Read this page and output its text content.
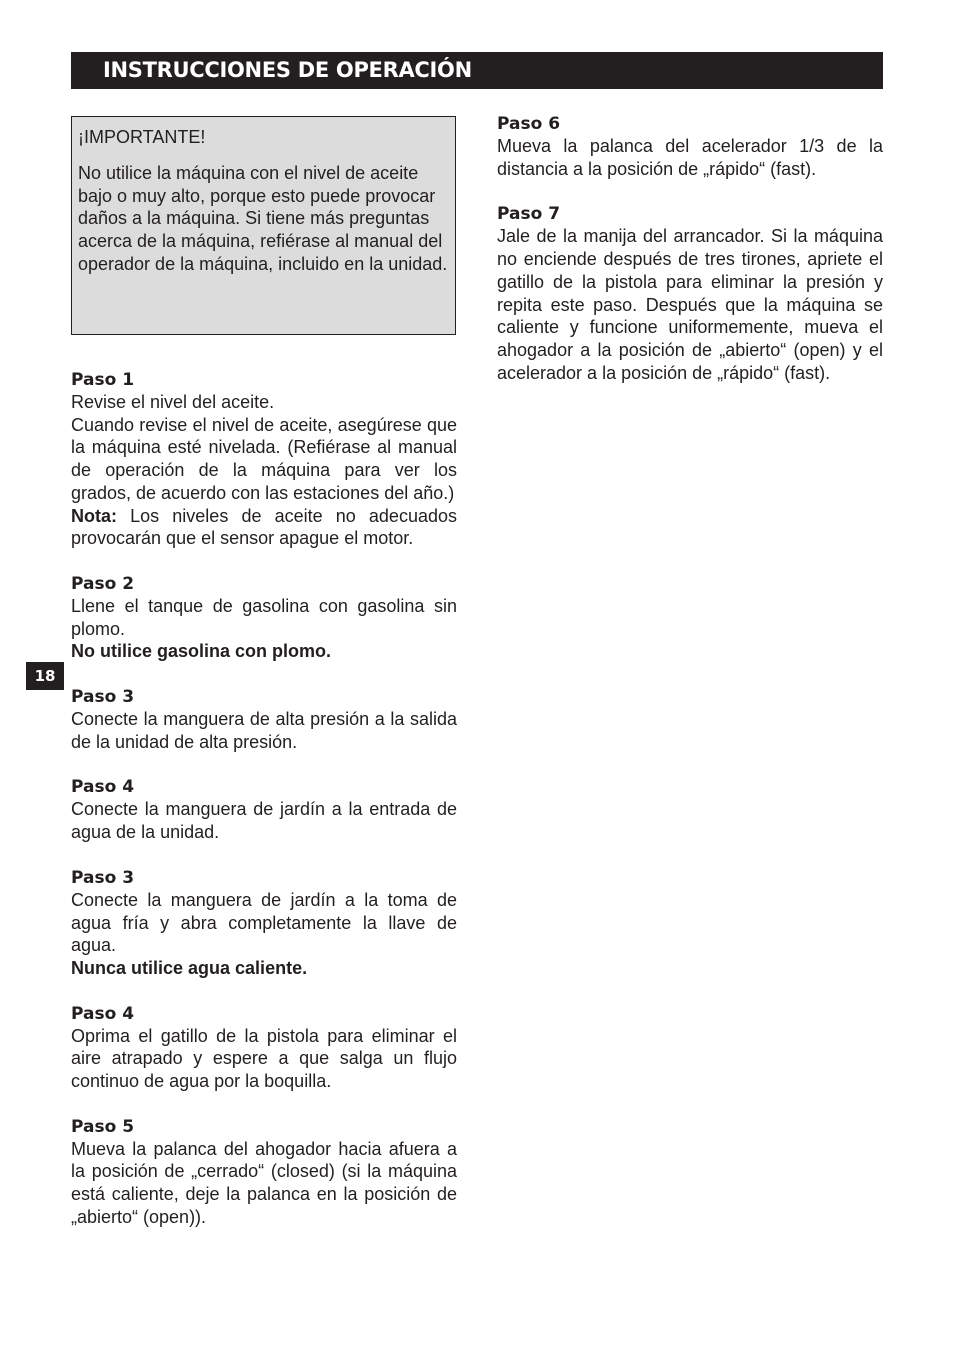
INSTRUCCIONES DE OPERACIÓN
18

¡IMPORTANTE!

No utilice la máquina con el nivel de aceite bajo o muy alto, porque esto puede provocar daños a la máquina. Si tiene más preguntas acerca de la máquina, refiérase al manual del operador de la máquina, incluido en la unidad.

Paso 1

Revise el nivel del aceite.

Cuando revise el nivel de aceite, asegúrese que la máquina esté nivelada. (Refiérase al manual de operación de la máquina para ver los grados, de acuerdo con las estaciones del año.)

Nota: Los niveles de aceite no adecuados provocarán que el sensor apague el motor.

Paso 2

Llene el tanque de gasolina con gasolina sin plomo.

No utilice gasolina con plomo.

Paso 3

Conecte la manguera de alta presión a la salida de la unidad de alta presión.

Paso 4

Conecte la manguera de jardín a la entrada de agua de la unidad.

Paso 3

Conecte la manguera de jardín a la toma de agua fría y abra completamente la llave de agua.

Nunca utilice agua caliente.

Paso 4

Oprima el gatillo de la pistola para eliminar el aire atrapado y espere a que salga un flujo continuo de agua por la boquilla.

Paso 5

Mueva la palanca del ahogador hacia afuera a la posición de „cerrado“ (closed) (si la máquina está caliente, deje la palanca en la posición de „abierto“ (open)).

Paso 6

Mueva la palanca del acelerador 1/3 de la distancia a la posición de „rápido“ (fast).

Paso 7

Jale de la manija del arrancador. Si la máquina no enciende después de tres tirones, apriete el gatillo de la pistola para eliminar la presión y repita este paso. Después que la máquina se caliente y funcione uniformemente, mueva el ahogador a la posición de „abierto“ (open) y el acelerador a la posición de „rápido“ (fast).
